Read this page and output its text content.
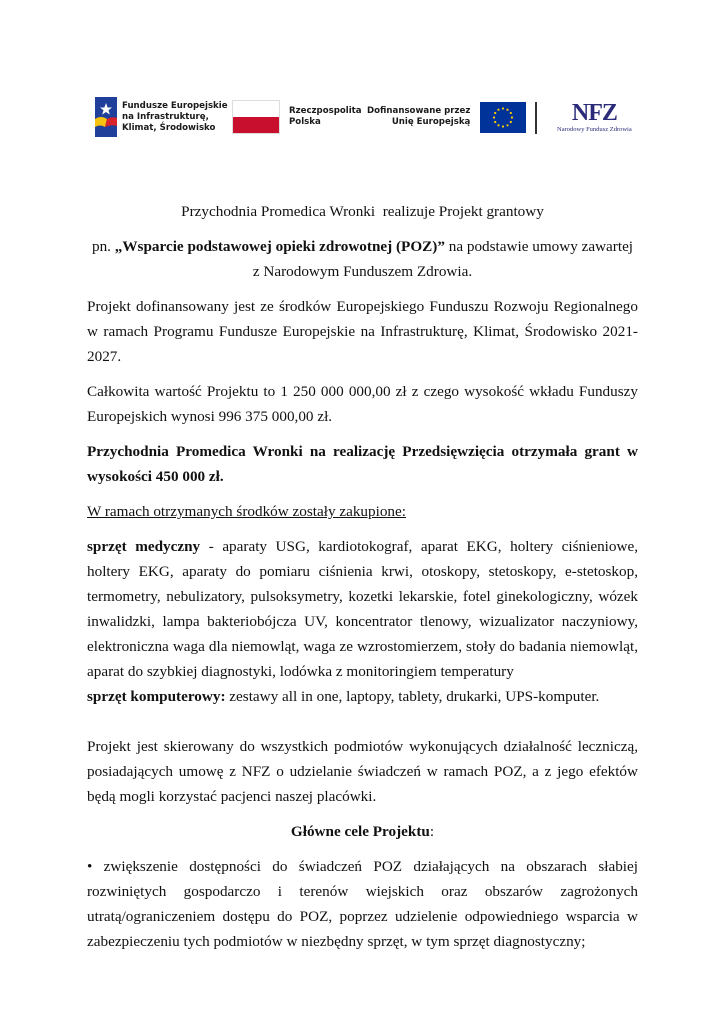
Fundusze Europejskie
na Infrastrukturę,
Klimat, Środowisko
Rzeczpospolita
Polska
Dofinansowane przez
Unię Europejską	NFZ
Narodowy Fundusz Zdrowia

Przychodnia Promedica Wronki  realizuje Projekt grantowy

pn. „Wsparcie podstawowej opieki zdrowotnej (POZ)” na podstawie umowy zawartej z Narodowym Funduszem Zdrowia.

Projekt dofinansowany jest ze środków Europejskiego Funduszu Rozwoju Regionalnego w ramach Programu Fundusze Europejskie na Infrastrukturę, Klimat, Środowisko 2021-2027.

Całkowita wartość Projektu to 1 250 000 000,00 zł z czego wysokość wkładu Funduszy Europejskich wynosi 996 375 000,00 zł.

Przychodnia Promedica Wronki na realizację Przedsięwzięcia otrzymała grant w wysokości 450 000 zł.

W ramach otrzymanych środków zostały zakupione:

sprzęt medyczny - aparaty USG, kardiotokograf, aparat EKG, holtery ciśnieniowe, holtery EKG, aparaty do pomiaru ciśnienia krwi, otoskopy, stetoskopy, e-stetoskop, termometry, nebulizatory, pulsoksymetry, kozetki lekarskie, fotel ginekologiczny, wózek inwalidzki, lampa bakteriobójcza UV, koncentrator tlenowy, wizualizator naczyniowy, elektroniczna waga dla niemowląt, waga ze wzrostomierzem, stoły do badania niemowląt, aparat do szybkiej diagnostyki, lodówka z monitoringiem temperatury

sprzęt komputerowy: zestawy all in one, laptopy, tablety, drukarki, UPS-komputer.

Projekt jest skierowany do wszystkich podmiotów wykonujących działalność leczniczą, posiadających umowę z NFZ o udzielanie świadczeń w ramach POZ, a z jego efektów będą mogli korzystać pacjenci naszej placówki.

Główne cele Projektu:

• zwiększenie dostępności do świadczeń POZ działających na obszarach słabiej rozwiniętych gospodarczo i terenów wiejskich oraz obszarów zagrożonych utratą/ograniczeniem dostępu do POZ, poprzez udzielenie odpowiedniego wsparcia w zabezpieczeniu tych podmiotów w niezbędny sprzęt, w tym sprzęt diagnostyczny;
